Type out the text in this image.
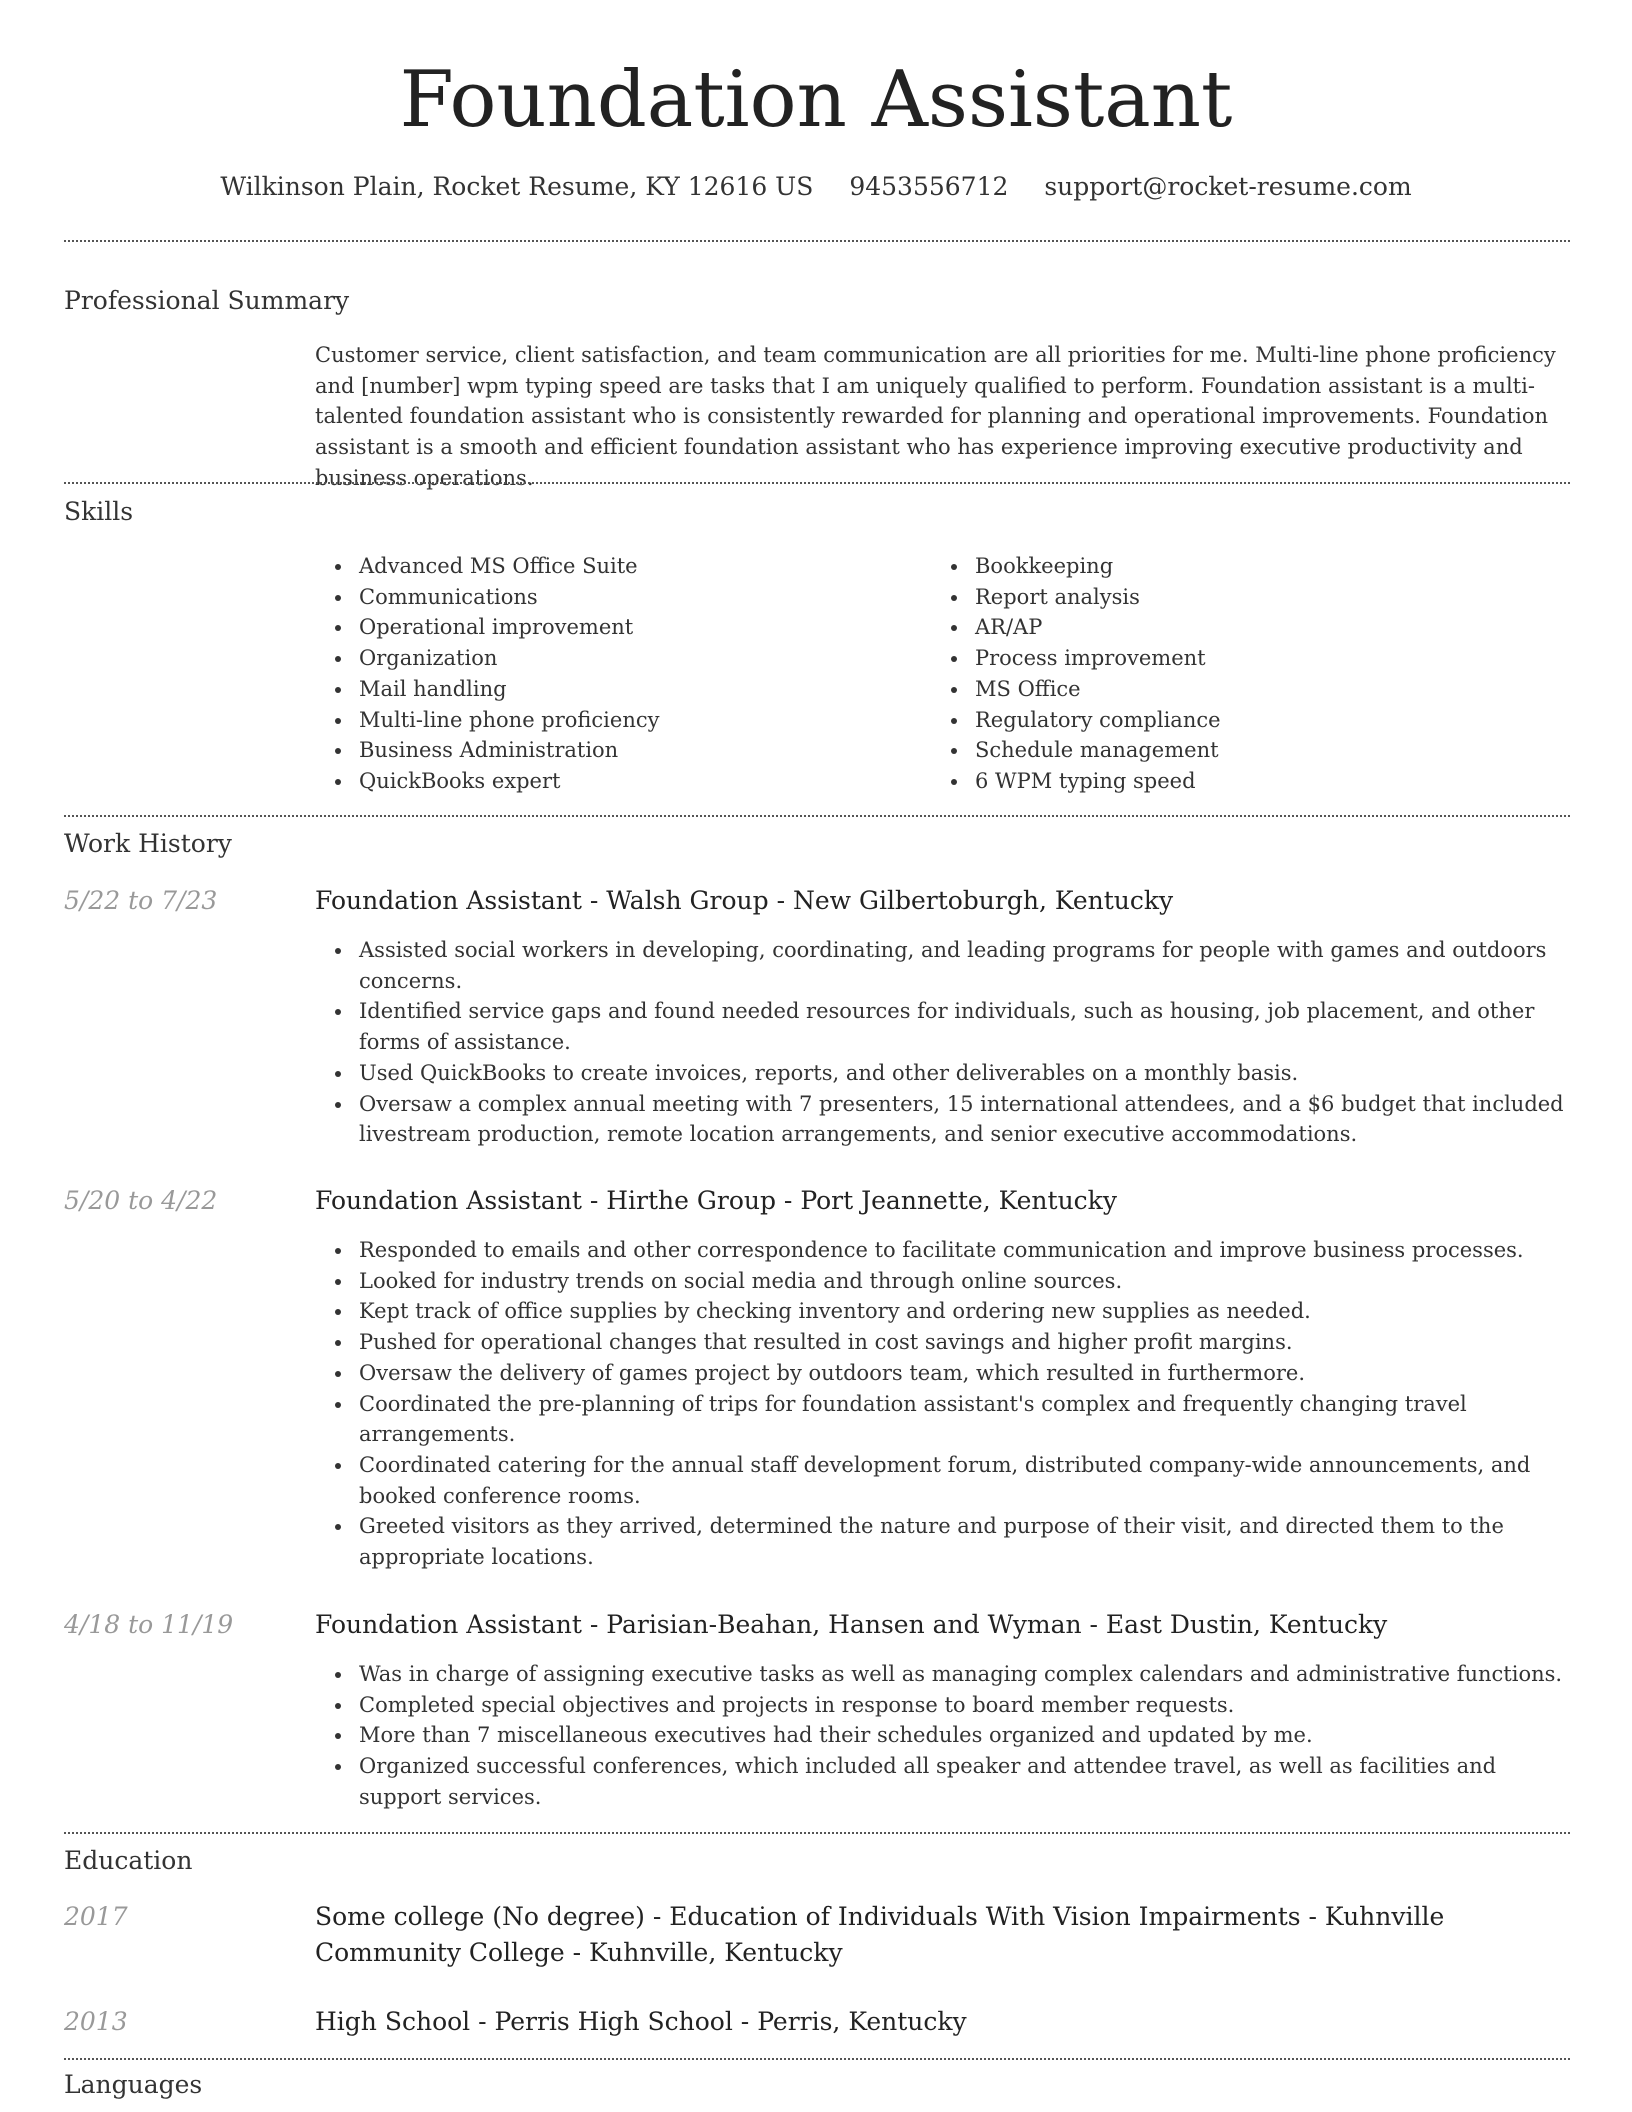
Foundation Assistant
Wilkinson Plain, Rocket Resume, KY 12616 US 9453556712 support@rocket-resume.com
Professional Summary
Customer service, client satisfaction, and team communication are all priorities for me. Multi-line phone proficiency and [number] wpm typing speed are tasks that I am uniquely qualified to perform. Foundation assistant is a multi-talented foundation assistant who is consistently rewarded for planning and operational improvements. Foundation assistant is a smooth and efficient foundation assistant who has experience improving executive productivity and business operations.
Skills
Advanced MS Office Suite
Communications
Operational improvement
Organization
Mail handling
Multi-line phone proficiency
Business Administration
QuickBooks expert
Bookkeeping
Report analysis
AR/AP
Process improvement
MS Office
Regulatory compliance
Schedule management
6 WPM typing speed
Work History
5/22 to 7/23	Foundation Assistant - Walsh Group - New Gilbertoburgh, Kentucky
Assisted social workers in developing, coordinating, and leading programs for people with games and outdoors concerns.
Identified service gaps and found needed resources for individuals, such as housing, job placement, and other forms of assistance.
Used QuickBooks to create invoices, reports, and other deliverables on a monthly basis.
Oversaw a complex annual meeting with 7 presenters, 15 international attendees, and a $6 budget that included livestream production, remote location arrangements, and senior executive accommodations.
5/20 to 4/22	Foundation Assistant - Hirthe Group - Port Jeannette, Kentucky
Responded to emails and other correspondence to facilitate communication and improve business processes.
Looked for industry trends on social media and through online sources.
Kept track of office supplies by checking inventory and ordering new supplies as needed.
Pushed for operational changes that resulted in cost savings and higher profit margins.
Oversaw the delivery of games project by outdoors team, which resulted in furthermore.
Coordinated the pre-planning of trips for foundation assistant's complex and frequently changing travel arrangements.
Coordinated catering for the annual staff development forum, distributed company-wide announcements, and booked conference rooms.
Greeted visitors as they arrived, determined the nature and purpose of their visit, and directed them to the appropriate locations.
4/18 to 11/19	Foundation Assistant - Parisian-Beahan, Hansen and Wyman - East Dustin, Kentucky
Was in charge of assigning executive tasks as well as managing complex calendars and administrative functions.
Completed special objectives and projects in response to board member requests.
More than 7 miscellaneous executives had their schedules organized and updated by me.
Organized successful conferences, which included all speaker and attendee travel, as well as facilities and support services.
Education
2017	Some college (No degree) - Education of Individuals With Vision Impairments - Kuhnville Community College - Kuhnville, Kentucky
2013	High School - Perris High School - Perris, Kentucky
Languages
